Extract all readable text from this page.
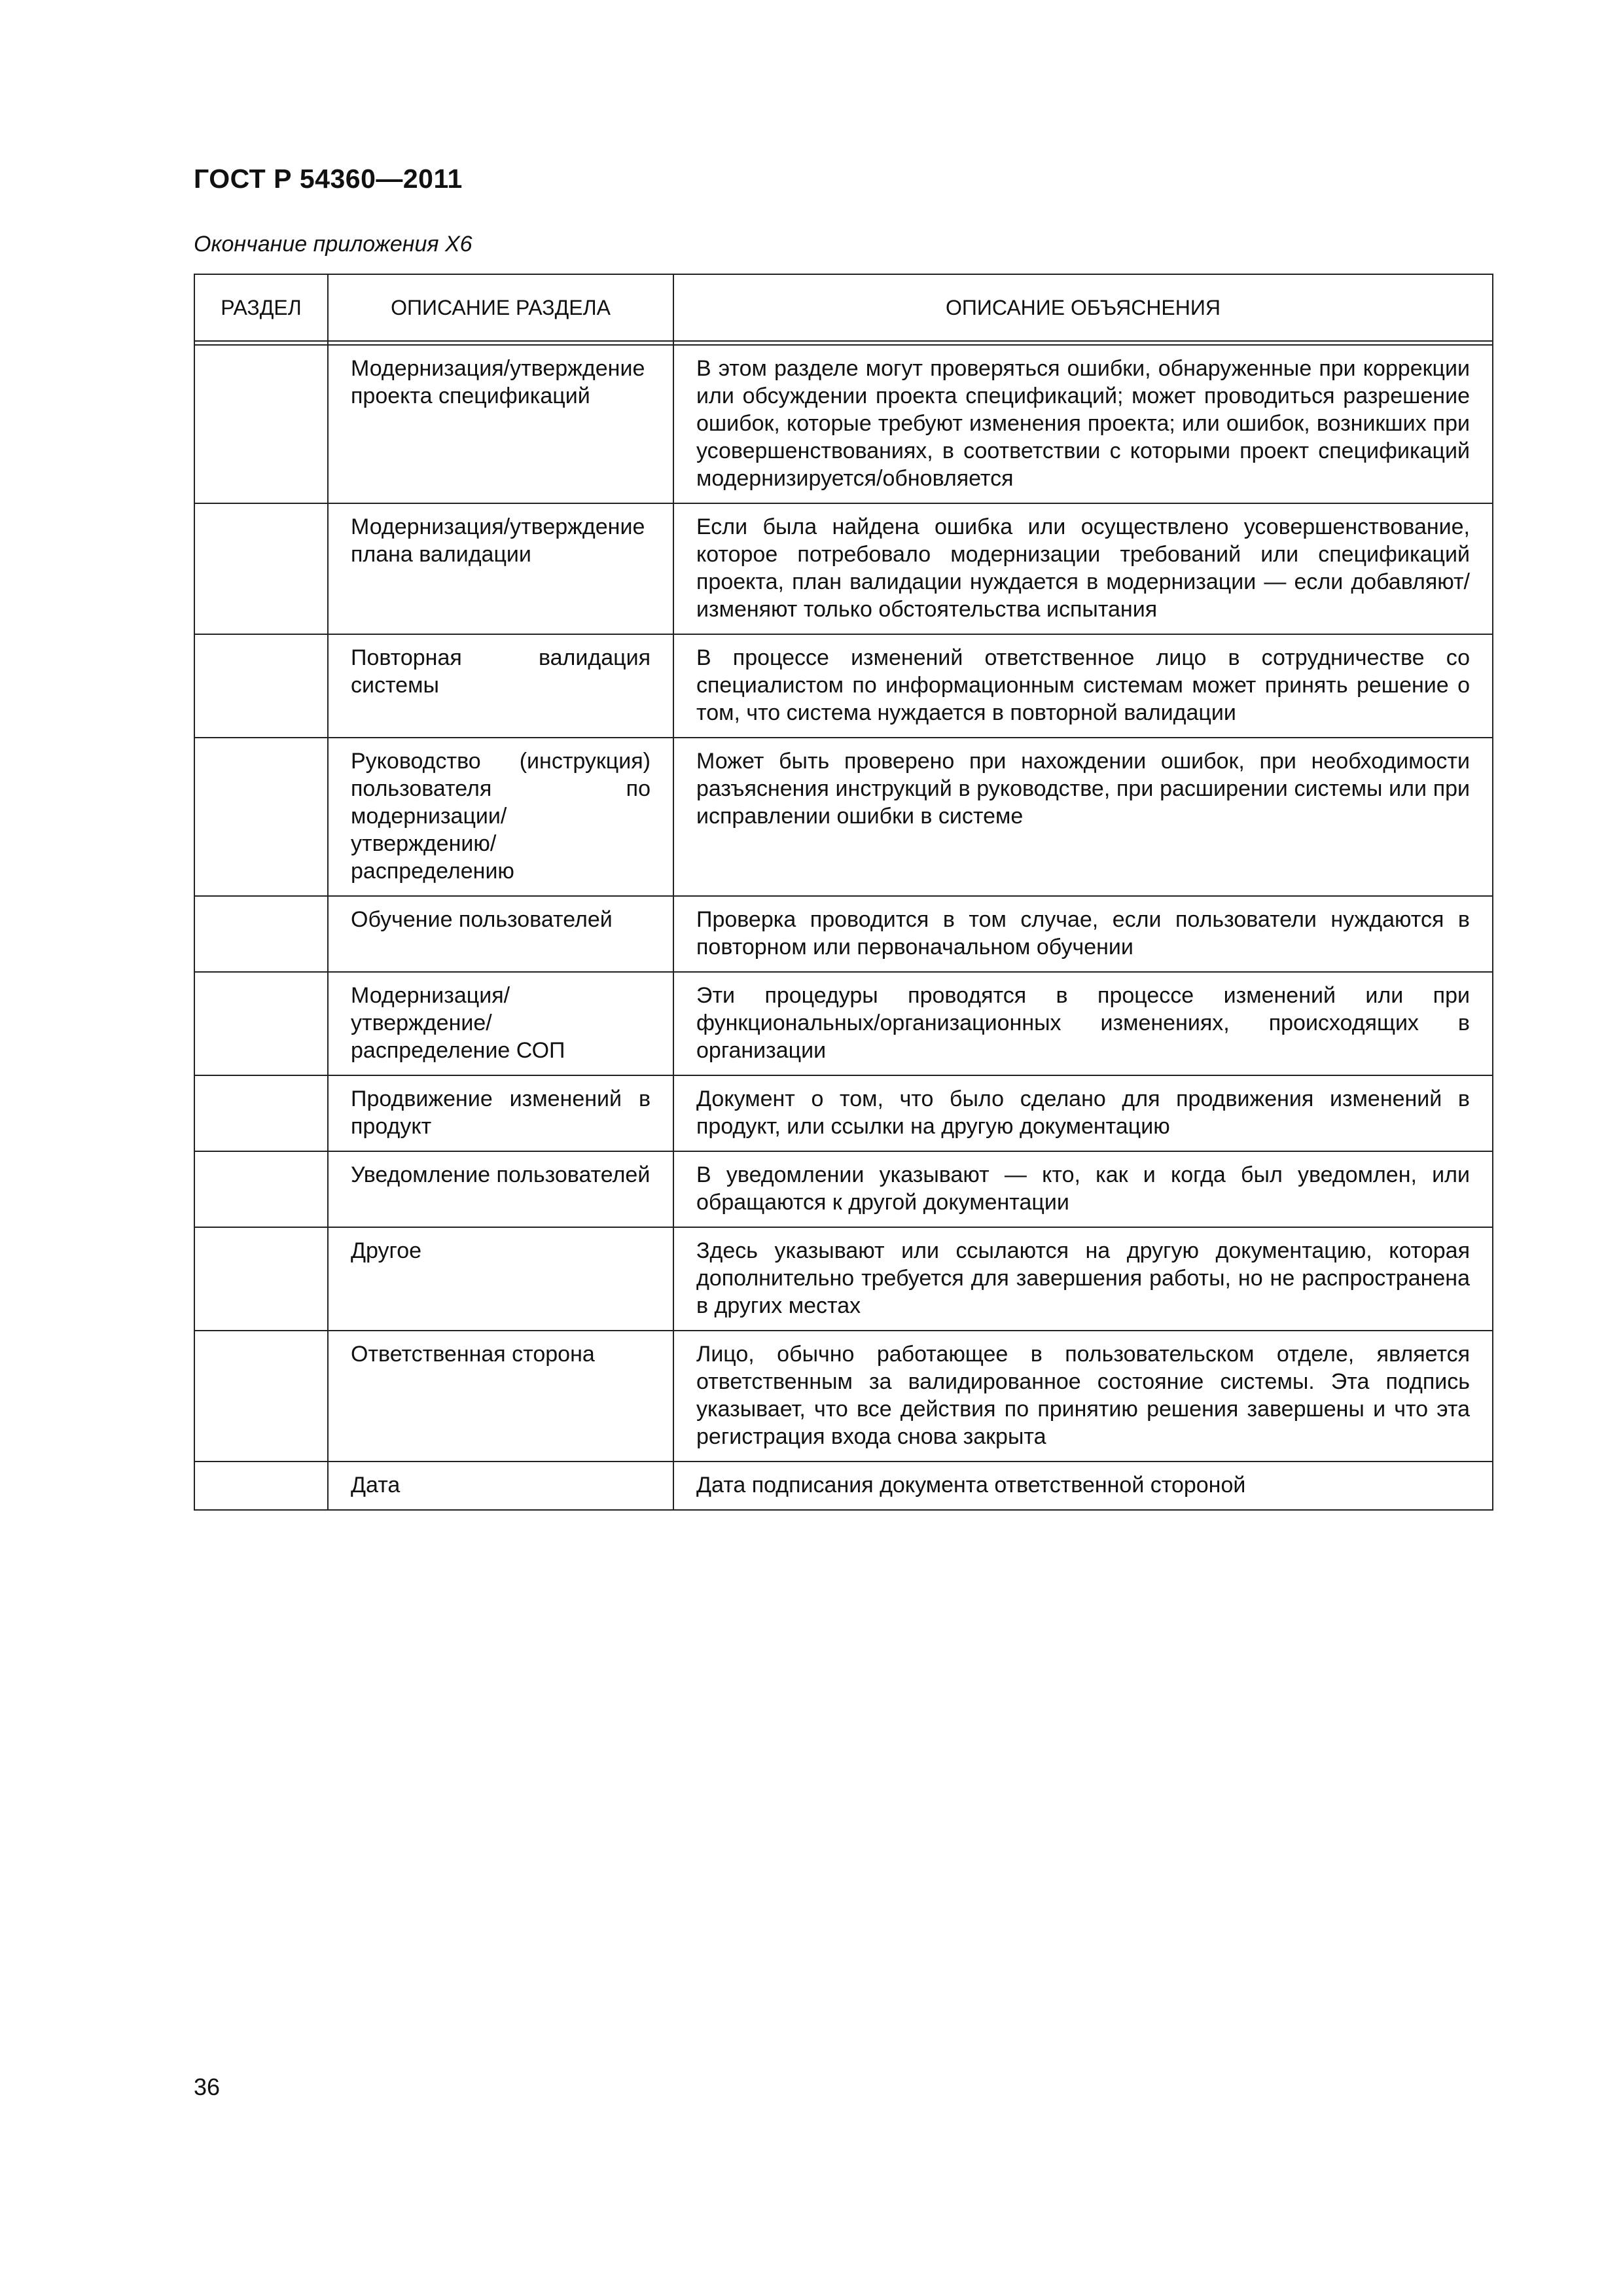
ГОСТ Р 54360—2011
Окончание приложения X6
РАЗДЕЛ	ОПИСАНИЕ РАЗДЕЛА	ОПИСАНИЕ ОБЪЯСНЕНИЯ

	Модернизация/утверждение проекта спецификаций	В этом разделе могут проверяться ошибки, обнаруженные при коррекции или обсуждении проекта спецификаций; может проводиться разрешение ошибок, которые требуют изменения проекта; или ошибок, возникших при усовершенствованиях, в соответствии с которыми проект спецификаций модернизируется/обновляется
	Модернизация/утверждение плана валидации	Если была найдена ошибка или осуществлено усовершенствование, которое потребовало модернизации требований или спецификаций проекта, план валидации нуждается в модернизации — если добавляют/изменяют только обстоятельства испытания
	Повторная валидация системы	В процессе изменений ответственное лицо в сотрудничестве со специалистом по информационным системам может принять решение о том, что система нуждается в повторной валидации
	Руководство (инструкция) пользователя по модернизации/утверждению/ распределению	Может быть проверено при нахождении ошибок, при необходимости разъяснения инструкций в руководстве, при расширении системы или при исправлении ошибки в системе
	Обучение пользователей	Проверка проводится в том случае, если пользователи нуждаются в повторном или первоначальном обучении
	Модернизация/утверждение/распределение СОП	Эти процедуры проводятся в процессе изменений или при функциональных/организационных изменениях, происходящих в организации
	Продвижение изменений в продукт	Документ о том, что было сделано для продвижения изменений в продукт, или ссылки на другую документацию
	Уведомление пользователей	В уведомлении указывают — кто, как и когда был уведомлен, или обращаются к другой документации
	Другое	Здесь указывают или ссылаются на другую документацию, которая дополнительно требуется для завершения работы, но не распространена в других местах
	Ответственная сторона	Лицо, обычно работающее в пользовательском отделе, является ответственным за валидированное состояние системы. Эта подпись указывает, что все действия по принятию решения завершены и что эта регистрация входа снова закрыта
	Дата	Дата подписания документа ответственной стороной
36
